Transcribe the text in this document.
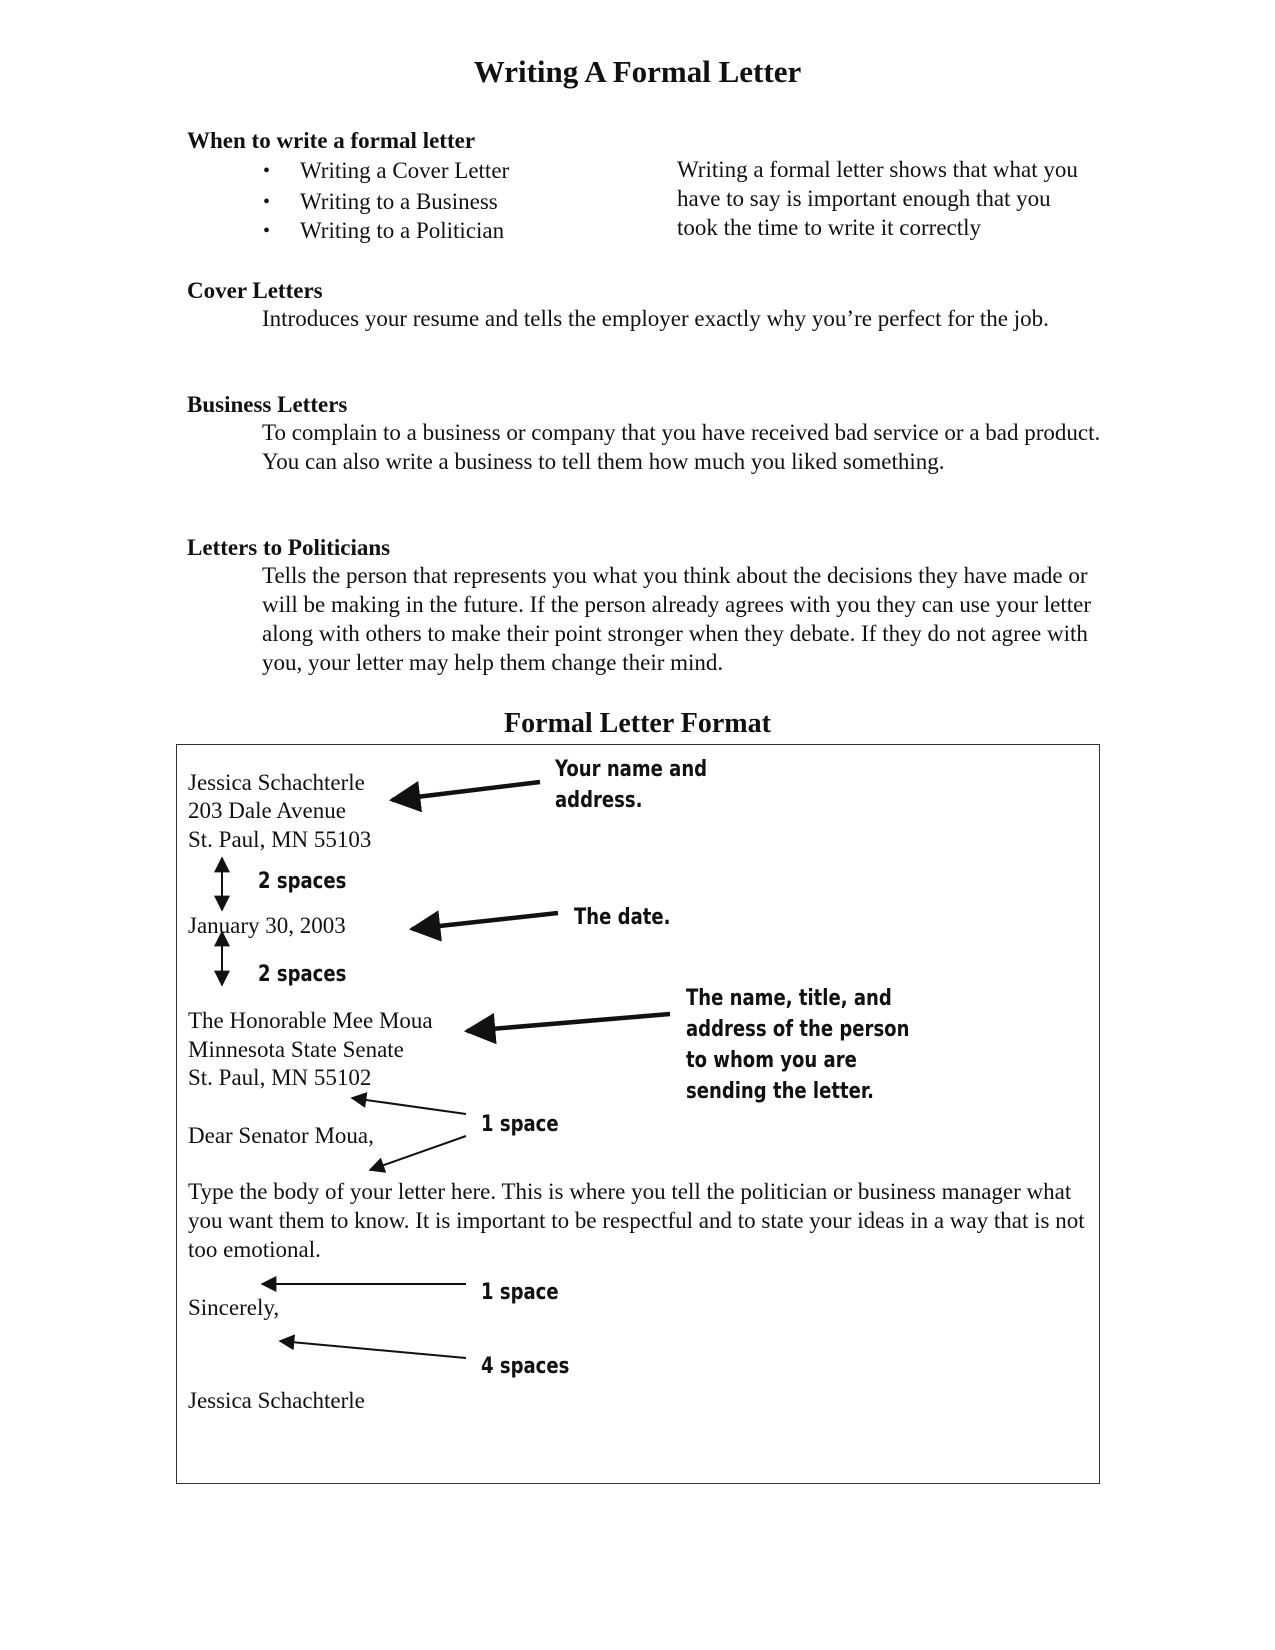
Writing A Formal Letter
When to write a formal letter
• Writing a Cover Letter
• Writing to a Business
• Writing to a Politician
Writing a formal letter shows that what you have to say is important enough that you took the time to write it correctly
Cover Letters
Introduces your resume and tells the employer exactly why you’re perfect for the job.
Business Letters
To complain to a business or company that you have received bad service or a bad product. You can also write a business to tell them how much you liked something.
Letters to Politicians
Tells the person that represents you what you think about the decisions they have made or will be making in the future. If the person already agrees with you they can use your letter along with others to make their point stronger when they debate. If they do not agree with you, your letter may help them change their mind.
Formal Letter Format
Jessica Schachterle
203 Dale Avenue
St. Paul, MN 55103
January 30, 2003
The Honorable Mee Moua
Minnesota State Senate
St. Paul, MN 55102
Dear Senator Moua,
Type the body of your letter here. This is where you tell the politician or business manager what you want them to know. It is important to be respectful and to state your ideas in a way that is not too emotional.
Sincerely,
Jessica Schachterle
Your name and
address.
2 spaces
The date.
2 spaces
The name, title, and
address of the person
to whom you are
sending the letter.
1 space
1 space
4 spaces
